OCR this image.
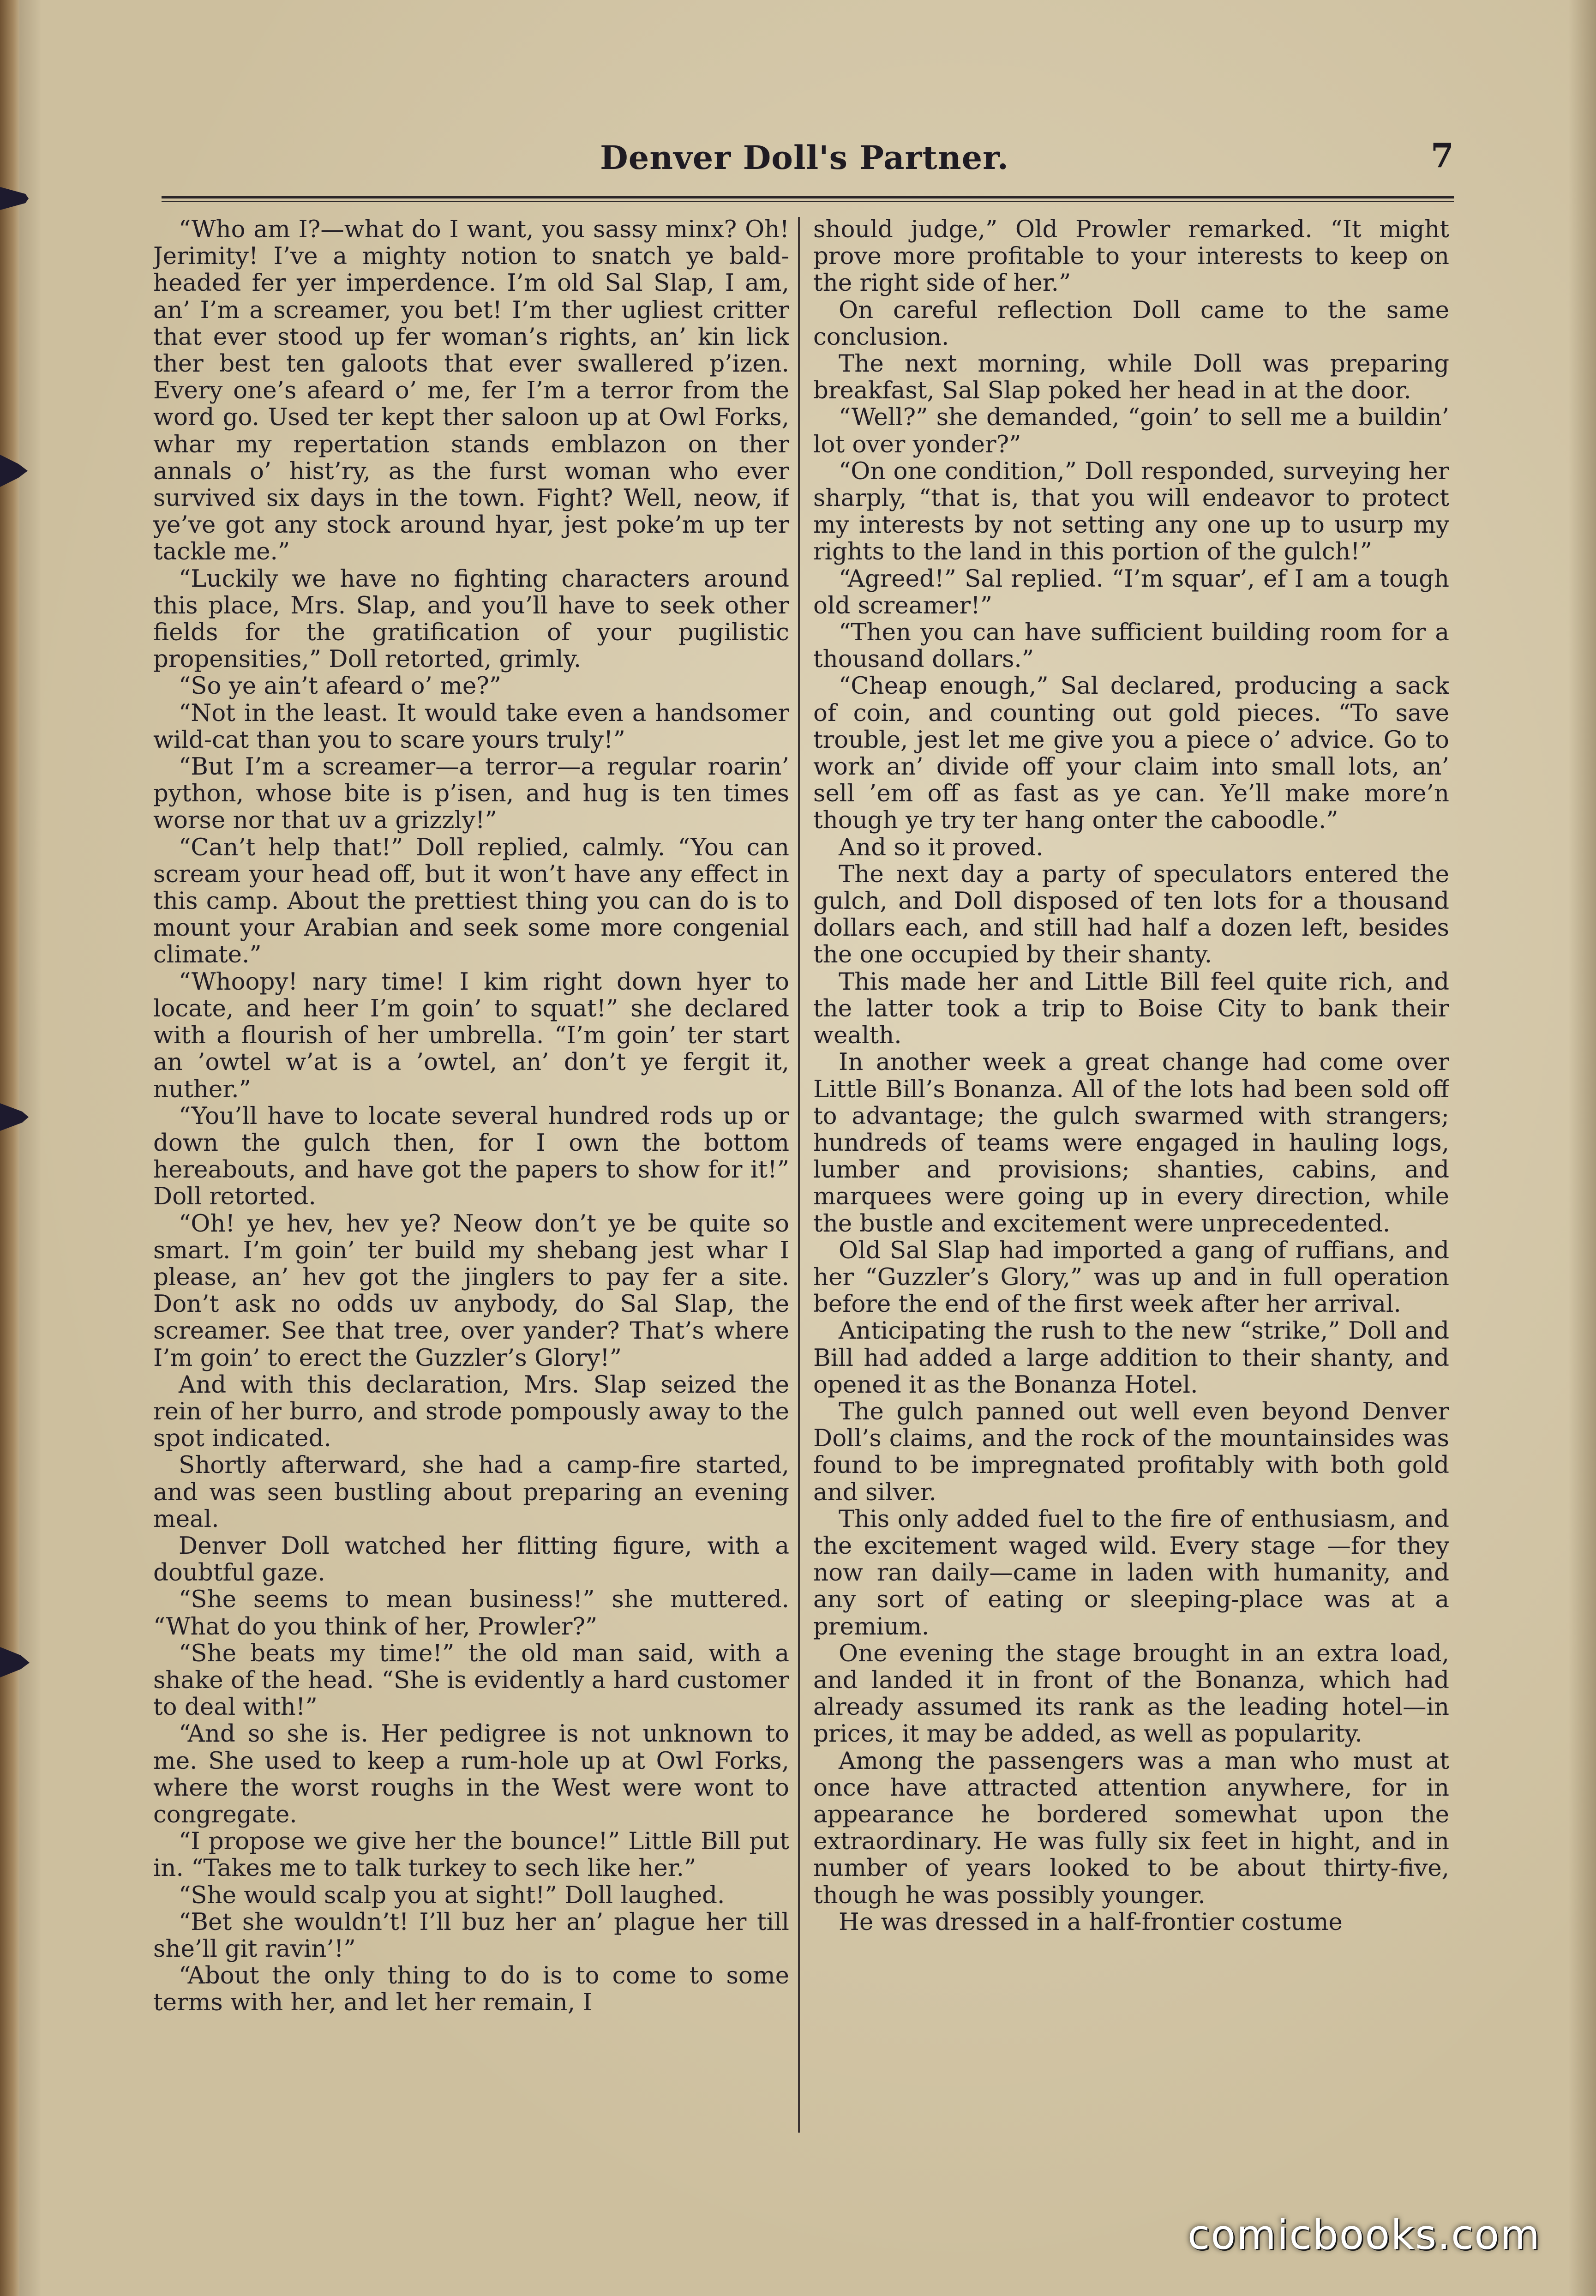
Denver Doll's Partner.	7

“Who am I?—what do I want, you sassy minx? Oh! Jerimity! I’ve a mighty notion to snatch ye bald-headed fer yer imperdence. I’m old Sal Slap, I am, an’ I’m a screamer, you bet! I’m ther ugliest critter that ever stood up fer woman’s rights, an’ kin lick ther best ten galoots that ever swallered p’izen. Every one’s afeard o’ me, fer I’m a terror from the word go. Used ter kept ther saloon up at Owl Forks, whar my repertation stands emblazon on ther annals o’ hist’ry, as the furst woman who ever survived six days in the town. Fight? Well, neow, if ye’ve got any stock around hyar, jest poke’m up ter tackle me.”

“Luckily we have no fighting characters around this place, Mrs. Slap, and you’ll have to seek other fields for the gratification of your pugilistic propensities,” Doll retorted, grimly.

“So ye ain’t afeard o’ me?”

“Not in the least. It would take even a handsomer wild-cat than you to scare yours truly!”

“But I’m a screamer—a terror—a regular roarin’ python, whose bite is p’isen, and hug is ten times worse nor that uv a grizzly!”

“Can’t help that!” Doll replied, calmly. “You can scream your head off, but it won’t have any effect in this camp. About the prettiest thing you can do is to mount your Arabian and seek some more congenial climate.”

“Whoopy! nary time! I kim right down hyer to locate, and heer I’m goin’ to squat!” she declared with a flourish of her umbrella. “I’m goin’ ter start an ’owtel w’at is a ’owtel, an’ don’t ye fergit it, nuther.”

“You’ll have to locate several hundred rods up or down the gulch then, for I own the bottom hereabouts, and have got the papers to show for it!” Doll retorted.

“Oh! ye hev, hev ye? Neow don’t ye be quite so smart. I’m goin’ ter build my shebang jest whar I please, an’ hev got the jinglers to pay fer a site. Don’t ask no odds uv anybody, do Sal Slap, the screamer. See that tree, over yander? That’s where I’m goin’ to erect the Guzzler’s Glory!”

And with this declaration, Mrs. Slap seized the rein of her burro, and strode pompously away to the spot indicated.

Shortly afterward, she had a camp-fire started, and was seen bustling about preparing an evening meal.

Denver Doll watched her flitting figure, with a doubtful gaze.

“She seems to mean business!” she muttered. “What do you think of her, Prowler?”

“She beats my time!” the old man said, with a shake of the head. “She is evidently a hard customer to deal with!”

“And so she is. Her pedigree is not unknown to me. She used to keep a rum-hole up at Owl Forks, where the worst roughs in the West were wont to congregate.

“I propose we give her the bounce!” Little Bill put in. “Takes me to talk turkey to sech like her.”

“She would scalp you at sight!” Doll laughed.

“Bet she wouldn’t! I’ll buz her an’ plague her till she’ll git ravin’!”

“About the only thing to do is to come to some terms with her, and let her remain, I

should judge,” Old Prowler remarked. “It might prove more profitable to your interests to keep on the right side of her.”

On careful reflection Doll came to the same conclusion.

The next morning, while Doll was preparing breakfast, Sal Slap poked her head in at the door.

“Well?” she demanded, “goin’ to sell me a buildin’ lot over yonder?”

“On one condition,” Doll responded, surveying her sharply, “that is, that you will endeavor to protect my interests by not setting any one up to usurp my rights to the land in this portion of the gulch!”

“Agreed!” Sal replied. “I’m squar’, ef I am a tough old screamer!”

“Then you can have sufficient building room for a thousand dollars.”

“Cheap enough,” Sal declared, producing a sack of coin, and counting out gold pieces. “To save trouble, jest let me give you a piece o’ advice. Go to work an’ divide off your claim into small lots, an’ sell ’em off as fast as ye can. Ye’ll make more’n though ye try ter hang onter the caboodle.”

And so it proved.

The next day a party of speculators entered the gulch, and Doll disposed of ten lots for a thousand dollars each, and still had half a dozen left, besides the one occupied by their shanty.

This made her and Little Bill feel quite rich, and the latter took a trip to Boise City to bank their wealth.

In another week a great change had come over Little Bill’s Bonanza. All of the lots had been sold off to advantage; the gulch swarmed with strangers; hundreds of teams were engaged in hauling logs, lumber and provisions; shanties, cabins, and marquees were going up in every direction, while the bustle and excitement were unprecedented.

Old Sal Slap had imported a gang of ruffians, and her “Guzzler’s Glory,” was up and in full operation before the end of the first week after her arrival.

Anticipating the rush to the new “strike,” Doll and Bill had added a large addition to their shanty, and opened it as the Bonanza Hotel.

The gulch panned out well even beyond Denver Doll’s claims, and the rock of the mountainsides was found to be impregnated profitably with both gold and silver.

This only added fuel to the fire of enthusiasm, and the excitement waged wild. Every stage —for they now ran daily—came in laden with humanity, and any sort of eating or sleeping-place was at a premium.

One evening the stage brought in an extra load, and landed it in front of the Bonanza, which had already assumed its rank as the leading hotel—in prices, it may be added, as well as popularity.

Among the passengers was a man who must at once have attracted attention anywhere, for in appearance he bordered somewhat upon the extraordinary. He was fully six feet in hight, and in number of years looked to be about thirty-five, though he was possibly younger.

He was dressed in a half-frontier costume

comicbooks.com
